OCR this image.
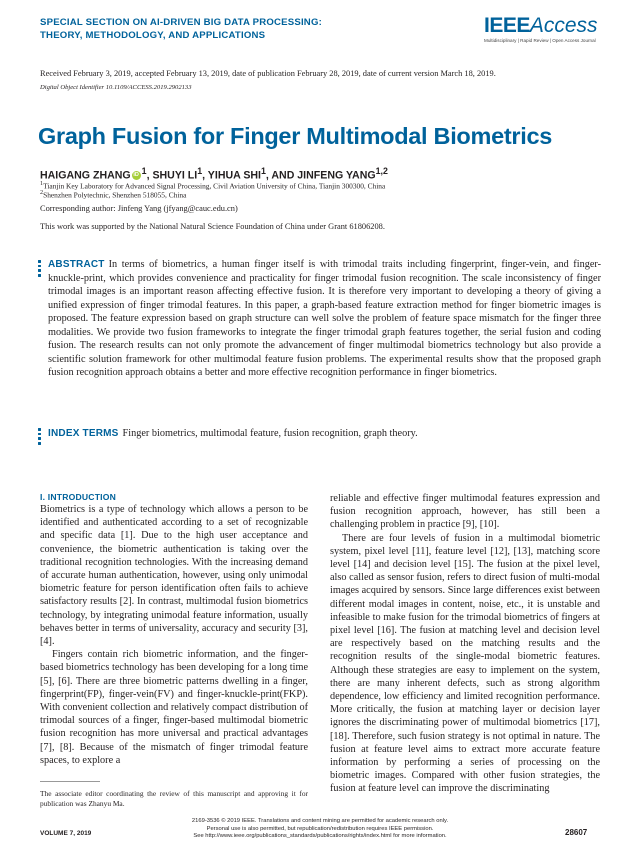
SPECIAL SECTION ON AI-DRIVEN BIG DATA PROCESSING:
THEORY, METHODOLOGY, AND APPLICATIONS	IEEEAccess
Multidisciplinary | Rapid Review | Open Access Journal
Received February 3, 2019, accepted February 13, 2019, date of publication February 28, 2019, date of current version March 18, 2019.
Digital Object Identifier 10.1109/ACCESS.2019.2902133
Graph Fusion for Finger Multimodal Biometrics
HAIGANG ZHANG iD $^1$, SHUYI $LI^1$, YIHUA SHI$^1$, AND JINFENG YANG$^{1,2}$
$^1$Tianjin Key Laboratory for Advanced Signal Processing, Civil Aviation University of China, Tianjin 300300, China
$^2$Shenzhen Polytechnic, Shenzhen 518055, China
Corresponding author: Jinfeng Yang (jfyang@cauc.edu.cn)
This work was supported by the National Natural Science Foundation of China under Grant 61806208.
ABSTRACT In terms of biometrics, a human finger itself is with trimodal traits including fingerprint, finger-vein, and finger-knuckle-print, which provides convenience and practicality for finger trimodal fusion recognition. The scale inconsistency of finger trimodal images is an important reason affecting effective fusion. It is therefore very important to developing a theory of giving a unified expression of finger trimodal features. In this paper, a graph-based feature extraction method for finger biometric images is proposed. The feature expression based on graph structure can well solve the problem of feature space mismatch for the finger three modalities. We provide two fusion frameworks to integrate the finger trimodal graph features together, the serial fusion and coding fusion. The research results can not only promote the advancement of finger multimodal biometrics technology but also provide a scientific solution framework for other multimodal feature fusion problems. The experimental results show that the proposed graph fusion recognition approach obtains a better and more effective recognition performance in finger biometrics.
INDEX TERMS Finger biometrics, multimodal feature, fusion recognition, graph theory.
I. INTRODUCTION

Biometrics is a type of technology which allows a person to be identified and authenticated according to a set of recognizable and specific data [1]. Due to the high user acceptance and convenience, the biometric authentication is taking over the traditional recognition technologies. With the increasing demand of accurate human authentication, however, using only unimodal biometric feature for person identification often fails to achieve satisfactory results [2]. In contrast, multimodal fusion biometrics technology, by integrating unimodal feature information, usually behaves better in terms of universality, accuracy and security [3], [4].

Fingers contain rich biometric information, and the finger-based biometrics technology has been developing for a long time [5], [6]. There are three biometric patterns dwelling in a finger, fingerprint(FP), finger-vein(FV) and finger-knuckle-print(FKP). With convenient collection and relatively compact distribution of trimodal sources of a finger, finger-based multimodal biometric fusion recognition has more universal and practical advantages [7], [8]. Because of the mismatch of finger trimodal feature spaces, to explore a

reliable and effective finger multimodal features expression and fusion recognition approach, however, has still been a challenging problem in practice [9], [10].

There are four levels of fusion in a multimodal biometric system, pixel level [11], feature level [12], [13], matching score level [14] and decision level [15]. The fusion at the pixel level, also called as sensor fusion, refers to direct fusion of multi-modal images acquired by sensors. Since large differences exist between different modal images in content, noise, etc., it is unstable and infeasible to make fusion for the trimodal biometrics of fingers at pixel level [16]. The fusion at matching level and decision level are respectively based on the matching results and the recognition results of the single-modal biometric features. Although these strategies are easy to implement on the system, there are many inherent defects, such as strong algorithm dependence, low efficiency and limited recognition performance. More critically, the fusion at matching layer or decision layer ignores the discriminating power of multimodal biometrics [17], [18]. Therefore, such fusion strategy is not optimal in nature. The fusion at feature level aims to extract more accurate feature information by performing a series of processing on the biometric images. Compared with other fusion strategies, the fusion at feature level can improve the discriminating

The associate editor coordinating the review of this manuscript and approving it for publication was Zhanyu Ma.
VOLUME 7, 2019
2169-3536 © 2019 IEEE. Translations and content mining are permitted for academic research only.
Personal use is also permitted, but republication/redistribution requires IEEE permission.
See http://www.ieee.org/publications_standards/publications/rights/index.html for more information.	28607
